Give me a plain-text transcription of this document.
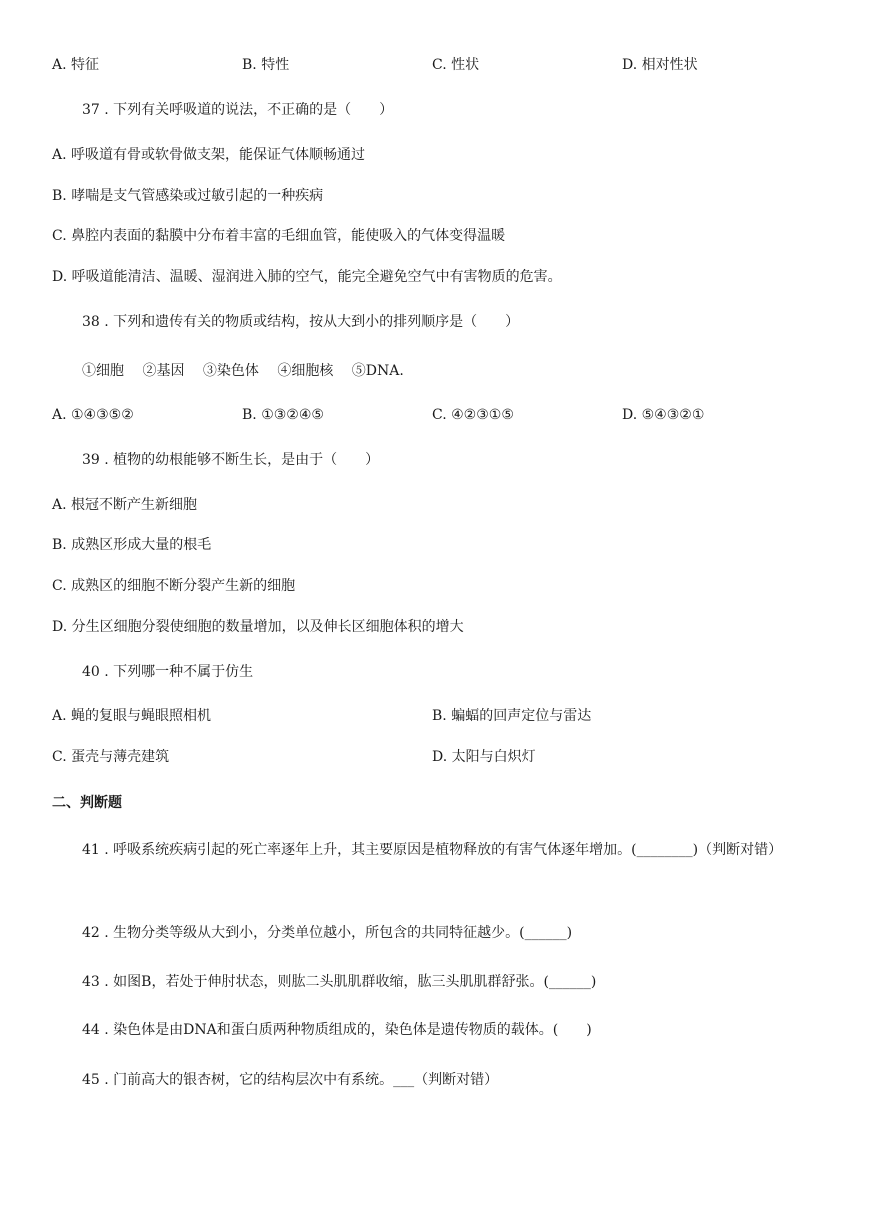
A. 特征	B. 特性	C. 性状	D. 相对性状
37 . 下列有关呼吸道的说法，不正确的是（　　）
A. 呼吸道有骨或软骨做支架，能保证气体顺畅通过
B. 哮喘是支气管感染或过敏引起的一种疾病
C. 鼻腔内表面的黏膜中分布着丰富的毛细血管，能使吸入的气体变得温暖
D. 呼吸道能清洁、温暖、湿润进入肺的空气，能完全避免空气中有害物质的危害。
38 . 下列和遗传有关的物质或结构，按从大到小的排列顺序是（　　）
①细胞　 ②基因　 ③染色体　 ④细胞核　 ⑤DNA.
A. ①④③⑤②	B. ①③②④⑤	C. ④②③①⑤	D. ⑤④③②①
39 . 植物的幼根能够不断生长，是由于（　　）
A. 根冠不断产生新细胞
B. 成熟区形成大量的根毛
C. 成熟区的细胞不断分裂产生新的细胞
D. 分生区细胞分裂使细胞的数量增加，以及伸长区细胞体积的增大
40 . 下列哪一种不属于仿生
A. 蝇的复眼与蝇眼照相机	B. 蝙蝠的回声定位与雷达
C. 蛋壳与薄壳建筑	D. 太阳与白炽灯
二、判断题
41 . 呼吸系统疾病引起的死亡率逐年上升，其主要原因是植物释放的有害气体逐年增加。(________)（判断对错）
42 . 生物分类等级从大到小，分类单位越小，所包含的共同特征越少。(______)
43 . 如图B，若处于伸肘状态，则肱二头肌肌群收缩，肱三头肌肌群舒张。(______)
44 . 染色体是由DNA和蛋白质两种物质组成的，染色体是遗传物质的载体。(　　)
45 . 门前高大的银杏树，它的结构层次中有系统。___（判断对错）
